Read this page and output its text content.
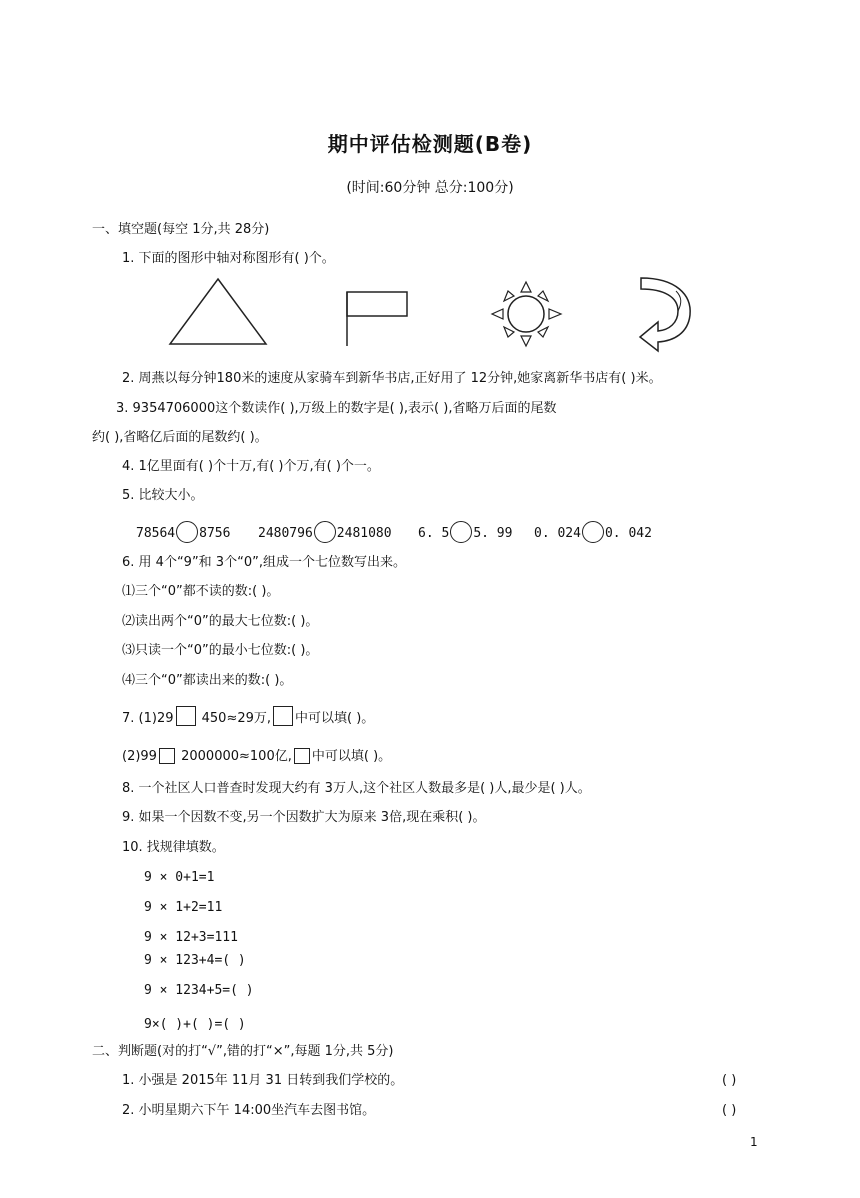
期中评估检测题(B卷)
(时间:60分钟 总分:100分)
一、填空题(每空 1分,共 28分)
1. 下面的图形中轴对称图形有( )个。
2. 周燕以每分钟180米的速度从家骑车到新华书店,正好用了 12分钟,她家离新华书店有( )米。
3. 9354706000这个数读作( ),万级上的数字是( ),表示( ),省略万后面的尾数
约( ),省略亿后面的尾数约( )。
4. 1亿里面有( )个十万,有( )个万,有( )个一。
5. 比较大小。
78564 8756 2480796 2481080 6. 5 5. 99 0. 024 0. 042
6. 用 4个“9”和 3个“0”,组成一个七位数写出来。
⑴三个“0”都不读的数:( )。
⑵读出两个“0”的最大七位数:( )。
⑶只读一个“0”的最小七位数:( )。
⑷三个“0”都读出来的数:( )。
7. (1)29 450≈29万, 中可以填( )。
(2)99 2000000≈100亿, 中可以填( )。
8. 一个社区人口普查时发现大约有 3万人,这个社区人数最多是( )人,最少是( )人。
9. 如果一个因数不变,另一个因数扩大为原来 3倍,现在乘积( )。
10. 找规律填数。
9 × 0+1=1
9 × 1+2=11
9 × 12+3=111
9 × 123+4=( )
9 × 1234+5=( )
9×( )+( )=( )
二、判断题(对的打“√”,错的打“×”,每题 1分,共 5分)
1. 小强是 2015年 11月 31 日转到我们学校的。	( )
2. 小明星期六下午 14:00坐汽车去图书馆。	( )
1
